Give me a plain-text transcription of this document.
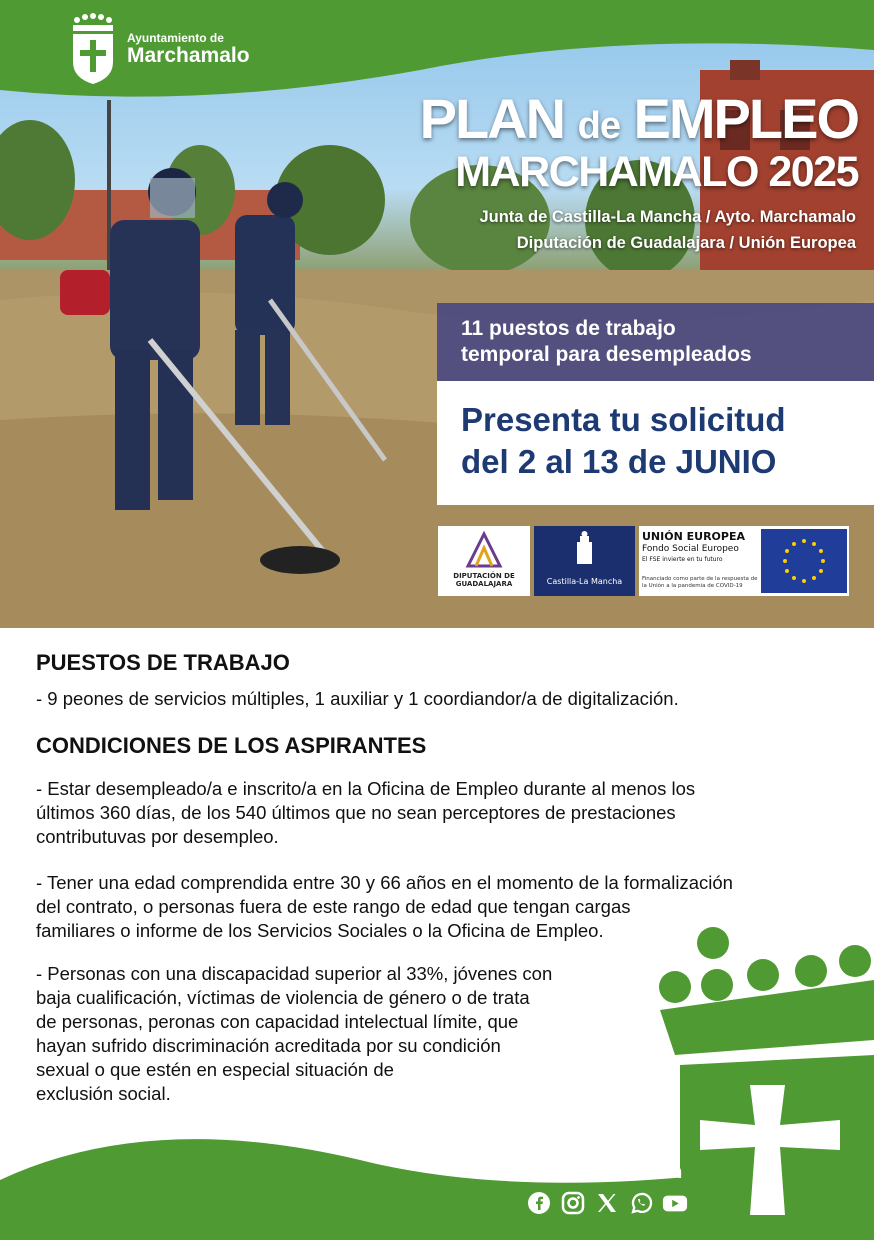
Ayuntamiento de
Marchamalo
PLAN de EMPLEO
MARCHAMALO 2025
Junta de Castilla-La Mancha / Ayto. Marchamalo
Diputación de Guadalajara / Unión Europea
11 puestos de trabajo
temporal para desempleados
Presenta tu solicitud
del 2 al 13 de JUNIO
DIPUTACIÓN DE GUADALAJARA	Castilla-La Mancha
UNIÓN EUROPEA
Fondo Social Europeo
El FSE invierte en tu futuro
Financiado como parte de la respuesta de la Unión a la pandemia de COVID-19
PUESTOS DE TRABAJO
- 9 peones de servicios múltiples, 1 auxiliar y 1 coordiandor/a de digitalización.
CONDICIONES DE LOS ASPIRANTES
- Estar desempleado/a e inscrito/a en la Oficina de Empleo durante al menos los
últimos 360 días, de los 540 últimos que no sean perceptores de prestaciones
contributuvas por desempleo.
- Tener una edad comprendida entre 30 y 66 años en el momento de la formalización
del contrato, o personas fuera de este rango de edad que tengan cargas
familiares o informe de los Servicios Sociales o la Oficina de Empleo.
- Personas con una discapacidad superior al 33%, jóvenes con
baja cualificación, víctimas de violencia de género o de trata
de personas, peronas con capacidad intelectual límite, que
hayan sufrido discriminación acreditada por su condición
sexual o que estén en especial situación de
exclusión social.
marchamalo.com
